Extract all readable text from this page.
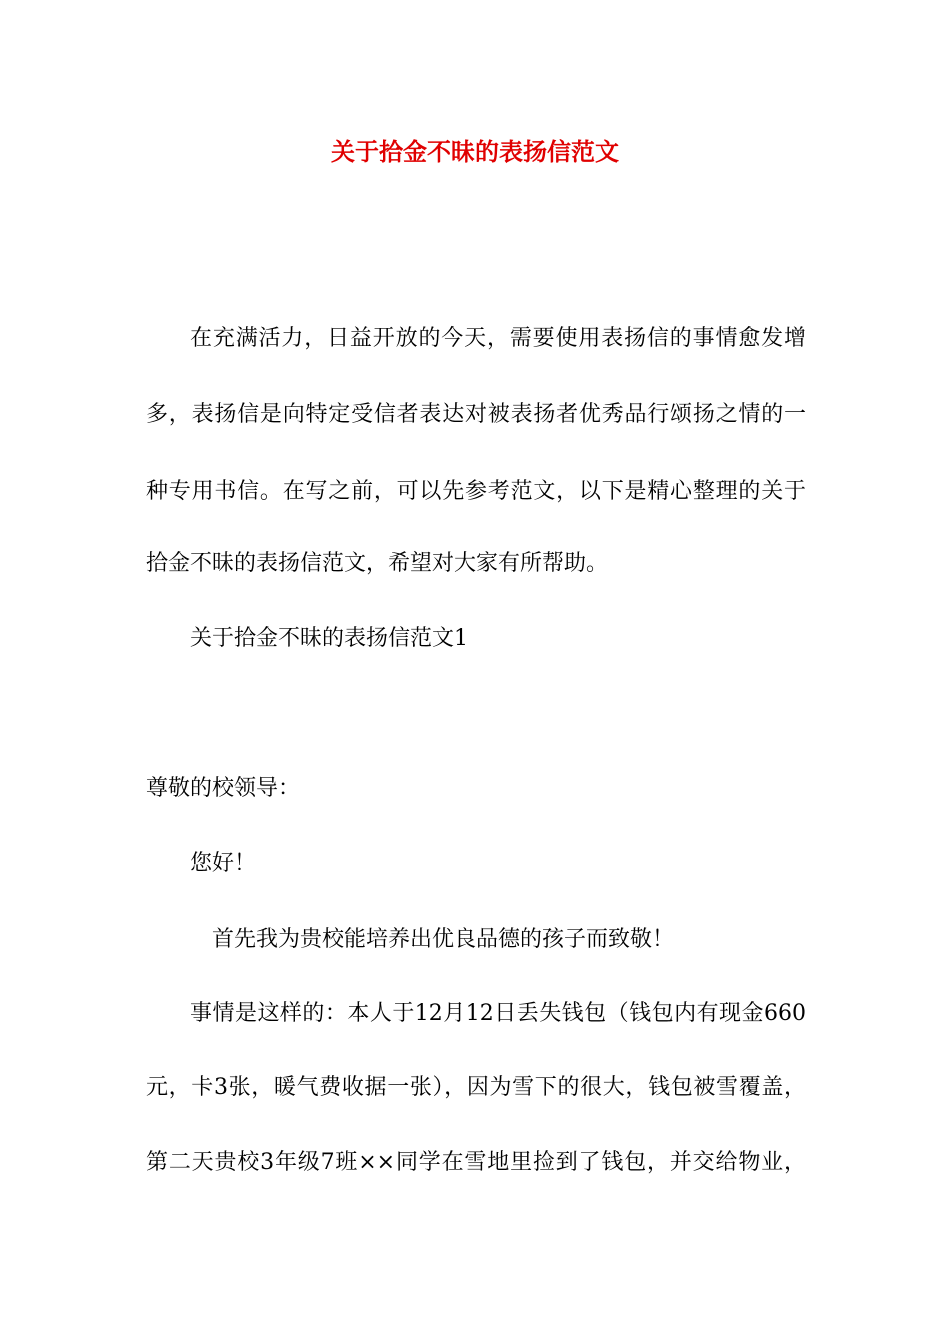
关于拾金不昧的表扬信范文
在充满活力，日益开放的今天，需要使用表扬信的事情愈发增
多，表扬信是向特定受信者表达对被表扬者优秀品行颂扬之情的一
种专用书信。在写之前，可以先参考范文，以下是精心整理的关于
拾金不昧的表扬信范文，希望对大家有所帮助。
关于拾金不昧的表扬信范文1
尊敬的校领导：
您好！
首先我为贵校能培养出优良品德的孩子而致敬！
事情是这样的：本人于12月12日丢失钱包（钱包内有现金660
元，卡3张，暖气费收据一张），因为雪下的很大，钱包被雪覆盖，
第二天贵校3年级7班××同学在雪地里捡到了钱包，并交给物业，
